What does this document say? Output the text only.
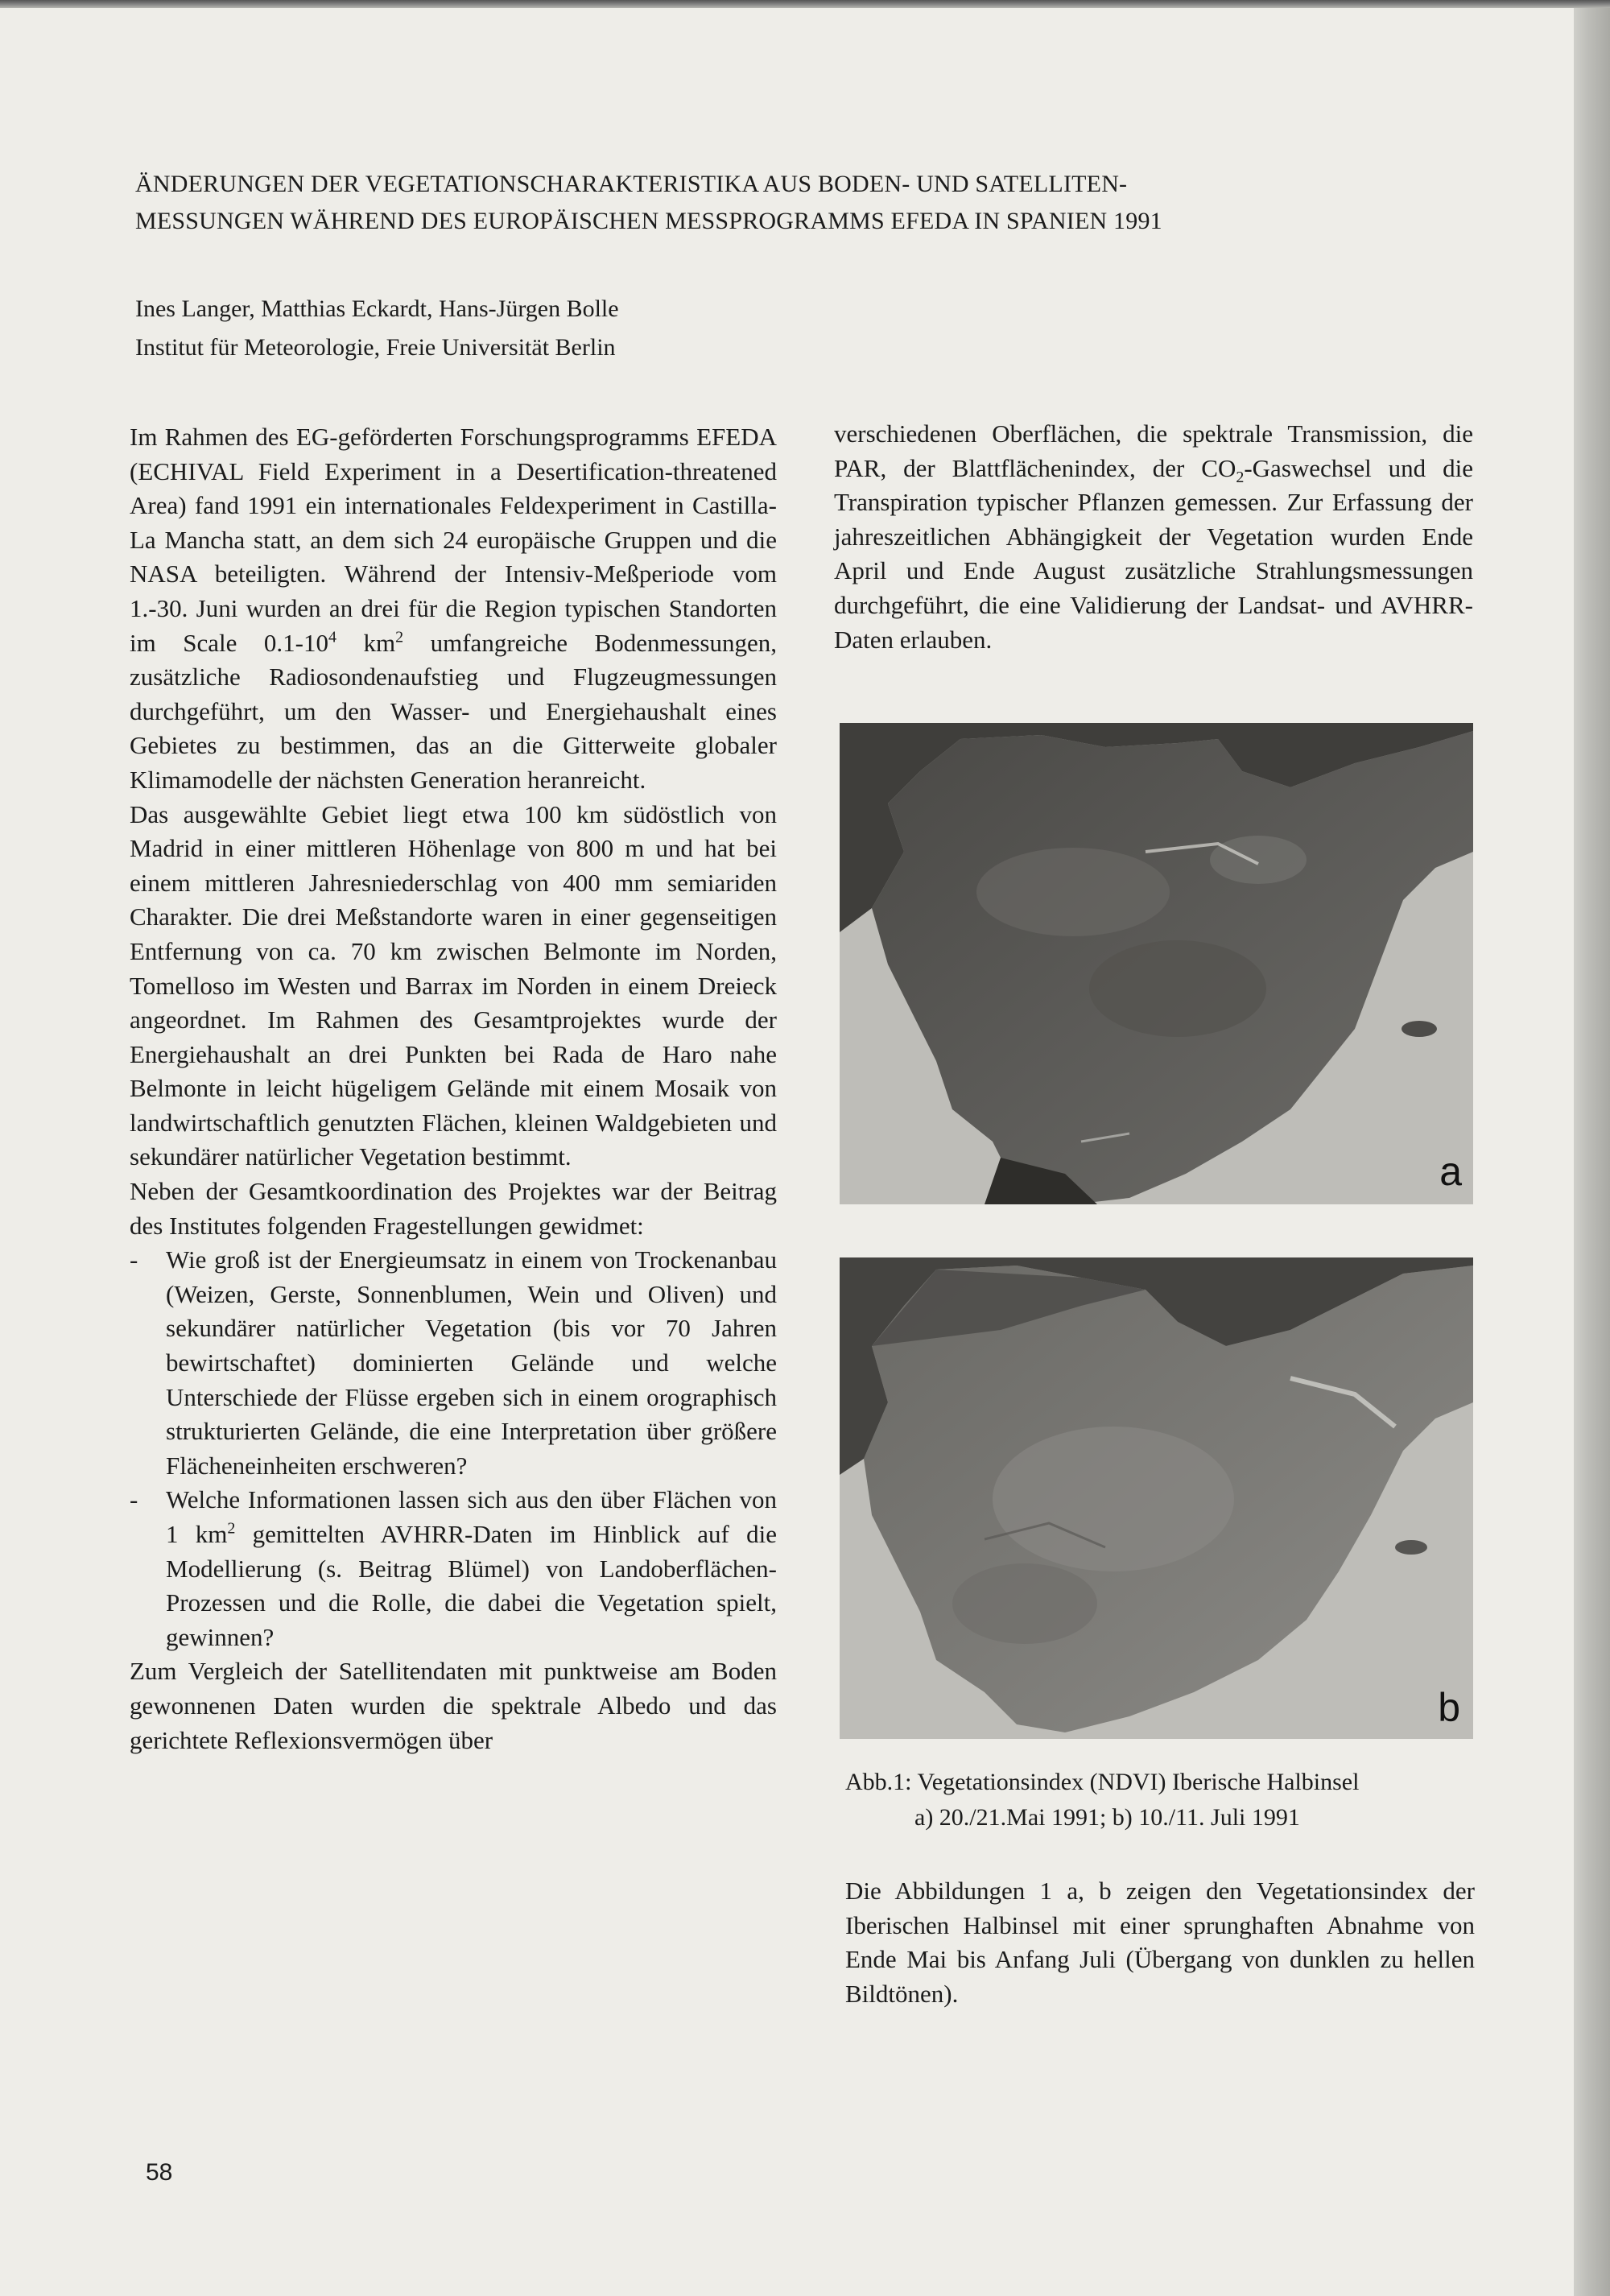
ÄNDERUNGEN DER VEGETATIONSCHARAKTERISTIKA AUS BODEN- UND SATELLITEN-
MESSUNGEN WÄHREND DES EUROPÄISCHEN MESSPROGRAMMS EFEDA IN SPANIEN 1991
Ines Langer, Matthias Eckardt, Hans-Jürgen Bolle
Institut für Meteorologie, Freie Universität Berlin

Im Rahmen des EG-geförderten Forschungsprogramms EFEDA (ECHIVAL Field Experiment in a Desertification-threatened Area) fand 1991 ein internationales Feldexperiment in Castilla-La Mancha statt, an dem sich 24 europäische Gruppen und die NASA beteiligten. Während der Intensiv-Meßperiode vom 1.-30. Juni wurden an drei für die Region typischen Standorten im Scale $0.1-10^4$ $km^2$ umfangreiche Bodenmessungen, zusätzliche Radiosondenaufstieg und Flugzeugmessungen durchgeführt, um den Wasser- und Energiehaushalt eines Gebietes zu bestimmen, das an die Gitterweite globaler Klimamodelle der nächsten Generation heranreicht.

Das ausgewählte Gebiet liegt etwa 100 km südöstlich von Madrid in einer mittleren Höhenlage von 800 m und hat bei einem mittleren Jahresniederschlag von 400 mm semiariden Charakter. Die drei Meßstandorte waren in einer gegenseitigen Entfernung von ca. 70 km zwischen Belmonte im Norden, Tomelloso im Westen und Barrax im Norden in einem Dreieck angeordnet. Im Rahmen des Gesamtprojektes wurde der Energiehaushalt an drei Punkten bei Rada de Haro nahe Belmonte in leicht hügeligem Gelände mit einem Mosaik von landwirtschaftlich genutzten Flächen, kleinen Waldgebieten und sekundärer natürlicher Vegetation bestimmt.

Neben der Gesamtkoordination des Projektes war der Beitrag des Institutes folgenden Fragestellungen gewidmet:

-	Wie groß ist der Energieumsatz in einem von Trockenanbau (Weizen, Gerste, Sonnenblumen, Wein und Oliven) und sekundärer natürlicher Vegetation (bis vor 70 Jahren bewirtschaftet) dominierten Gelände und welche Unterschiede der Flüsse ergeben sich in einem orographisch strukturierten Gelände, die eine Interpretation über größere Flächeneinheiten erschweren?
-	Welche Informationen lassen sich aus den über Flächen von 1 $km^2$ gemittelten AVHRR-Daten im Hinblick auf die Modellierung (s. Beitrag Blümel) von Landoberflächen-Prozessen und die Rolle, die dabei die Vegetation spielt, gewinnen?

Zum Vergleich der Satellitendaten mit punktweise am Boden gewonnenen Daten wurden die spektrale Albedo und das gerichtete Reflexionsvermögen über

verschiedenen Oberflächen, die spektrale Transmission, die PAR, der Blattflächenindex, der $CO_2$-Gaswechsel und die Transpiration typischer Pflanzen gemessen. Zur Erfassung der jahreszeitlichen Abhängigkeit der Vegetation wurden Ende April und Ende August zusätzliche Strahlungsmessungen durchgeführt, die eine Validierung der Landsat- und AVHRR-Daten erlauben.

a
b
Abb.1: Vegetationsindex (NDVI) Iberische Halbinsel
a) 20./21.Mai 1991; b) 10./11. Juli 1991
Die Abbildungen 1 a, b zeigen den Vegetationsindex der Iberischen Halbinsel mit einer sprunghaften Abnahme von Ende Mai bis Anfang Juli (Übergang von dunklen zu hellen Bildtönen).
58
